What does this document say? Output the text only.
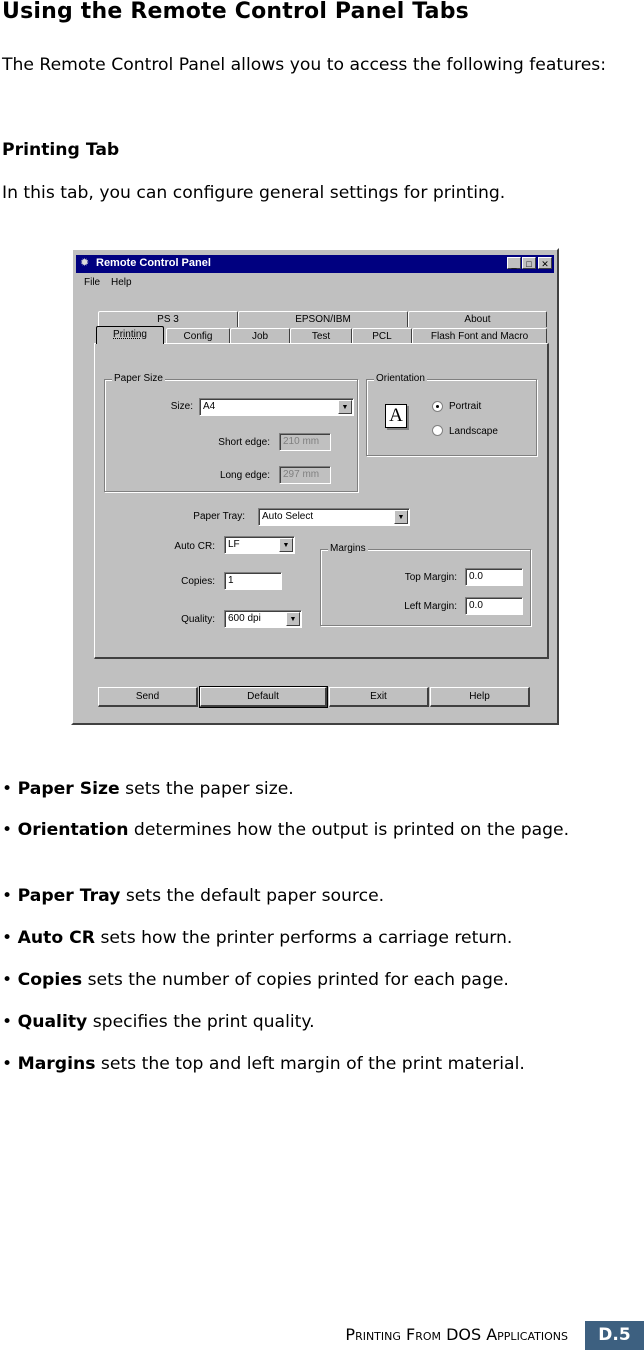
Using the Remote Control Panel Tabs
The Remote Control Panel allows you to access the following features:
Printing Tab
In this tab, you can configure general settings for printing.
✹ Remote Control Panel	_	□	✕
File Help
PS 3	EPSON/IBM	About
Config	Job	Test	PCL	Flash Font and Macro
Printing
Paper Size
Size:	A4	▼
Short edge:	210 mm
Long edge:	297 mm
Orientation
A	Portrait
Landscape
Paper Tray:	Auto Select	▼
Auto CR:	LF	▼
Copies:	1
Quality:	600 dpi	▼
Margins
Top Margin:	0.0
Left Margin:	0.0
Send	Default	Exit	Help
• Paper Size sets the paper size.
• Orientation determines how the output is printed on the page.
• Paper Tray sets the default paper source.
• Auto CR sets how the printer performs a carriage return.
• Copies sets the number of copies printed for each page.
• Quality specifies the print quality.
• Margins sets the top and left margin of the print material.
Printing From DOS Applications	D.5
